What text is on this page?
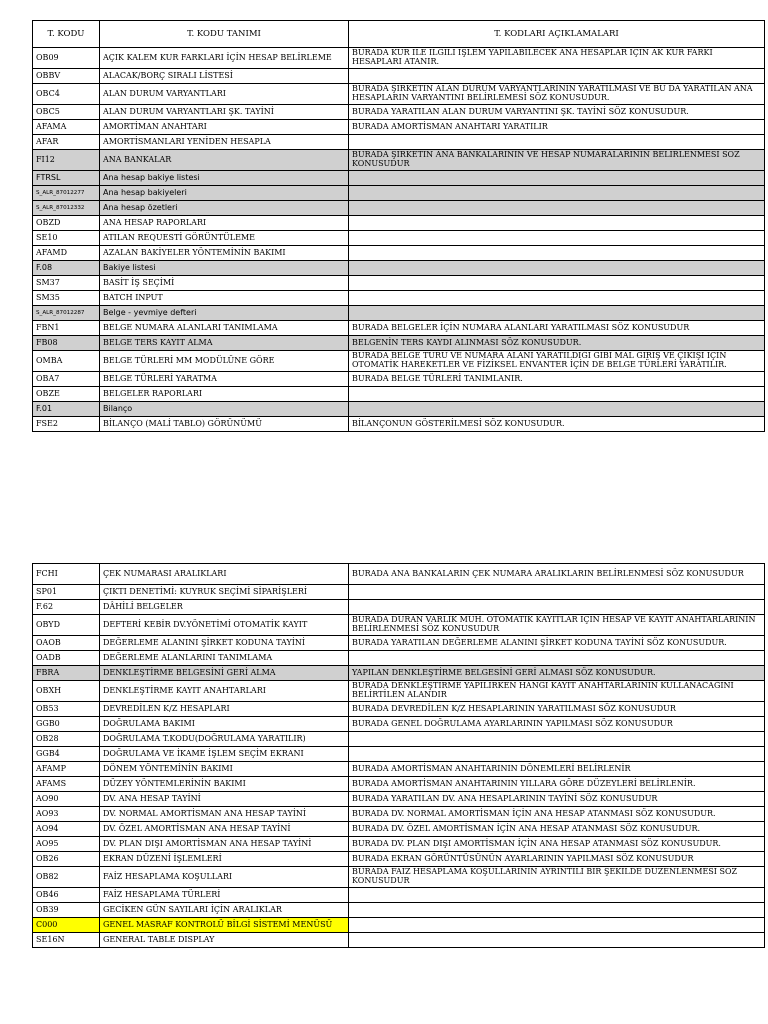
T. KODU	T. KODU TANIMI	T. KODLARI AÇIKLAMALARI
OB09	AÇIK KALEM KUR FARKLARI İÇİN HESAP BELİRLEME	BURADA KUR İLE İLGİLİ İŞLEM YAPILABİLECEK ANA HESAPLAR İÇİN AK KUR FARKI HESAPLARI ATANIR.
OBBV	ALACAK/BORÇ SIRALI LİSTESİ	
OBC4	ALAN DURUM VARYANTLARI	BURADA ŞİRKETİN ALAN DURUM VARYANTLARININ YARATILMASI VE BU DA YARATILAN ANA HESAPLARIN VARYANTINI BELİRLEMESİ SÖZ KONUSUDUR.
OBC5	ALAN DURUM VARYANTLARI ŞK. TAYİNİ	BURADA YARATILAN ALAN DURUM VARYANTINI ŞK. TAYİNİ SÖZ KONUSUDUR.
AFAMA	AMORTİMAN ANAHTARI	BURADA AMORTİSMAN ANAHTARI YARATILIR
AFAR	AMORTİSMANLARI YENİDEN HESAPLA	
FI12	ANA BANKALAR	BURADA ŞİRKETİN ANA BANKALARININ VE HESAP NUMARALARININ BELİRLENMESİ SÖZ KONUSUDUR
FTRSL	Ana hesap bakiye listesi	
S_ALR_87012277	Ana hesap bakiyeleri	
S_ALR_87012332	Ana hesap özetleri	
OBZD	ANA HESAP RAPORLARI	
SE10	ATILAN REQUESTİ GÖRÜNTÜLEME	
AFAMD	AZALAN BAKİYELER YÖNTEMİNİN BAKIMI	
F.08	Bakiye listesi	
SM37	BASİT İŞ SEÇİMİ	
SM35	BATCH INPUT	
S_ALR_87012287	Belge - yevmiye defteri	
FBN1	BELGE NUMARA ALANLARI TANIMLAMA	BURADA BELGELER İÇİN NUMARA ALANLARI YARATILMASI SÖZ KONUSUDUR
FB08	BELGE TERS KAYIT ALMA	BELGENİN TERS KAYDI ALINMASI SÖZ KONUSUDUR.
OMBA	BELGE TÜRLERİ MM MODÜLÜNE GÖRE	BURADA BELGE TÜRÜ VE NUMARA ALANI YARATILDIĞI GİBİ MAL GİRİŞ VE ÇIKIŞI İÇİN OTOMATİK HAREKETLER VE FİZİKSEL ENVANTER İÇİN DE BELGE TÜRLERİ YARATILIR.
OBA7	BELGE TÜRLERİ YARATMA	BURADA BELGE TÜRLERİ TANIMLANIR.
OBZE	BELGELER RAPORLARI	
F.01	Bilanço	
FSE2	BİLANÇO (MALİ TABLO) GÖRÜNÜMÜ	BİLANÇONUN GÖSTERİLMESİ SÖZ KONUSUDUR.
FCHI	ÇEK NUMARASI ARALIKLARI	BURADA ANA BANKALARIN ÇEK NUMARA ARALIKLARIN BELİRLENMESİ SÖZ KONUSUDUR
SP01	ÇIKTI DENETİMİ: KUYRUK SEÇİMİ SİPARİŞLERİ	
F.62	DÂHİLİ BELGELER	
OBYD	DEFTERİ KEBİR DV.YÖNETİMİ OTOMATİK KAYIT	BURADA DURAN VARLIK MUH. OTOMATİK KAYITLAR İÇİN HESAP VE KAYIT ANAHTARLARININ BELİRLENMESİ SÖZ KONUSUDUR
OAOB	DEĞERLEME ALANINI ŞİRKET KODUNA TAYİNİ	BURADA YARATILAN DEĞERLEME ALANINI ŞİRKET KODUNA TAYİNİ SÖZ KONUSUDUR.
OADB	DEĞERLEME ALANLARINI TANIMLAMA	
FBRA	DENKLEŞTİRME BELGESİNİ GERİ ALMA	YAPILAN DENKLEŞTİRME BELGESİNİ GERİ ALMASI SÖZ KONUSUDUR.
OBXH	DENKLEŞTİRME KAYIT ANAHTARLARI	BURADA DENKLEŞTİRME YAPILIRKEN HANGİ KAYIT ANAHTARLARININ KULLANACAĞINI BELİRTİLEN ALANDIR
OB53	DEVREDİLEN K/Z HESAPLARI	BURADA DEVREDİLEN K/Z HESAPLARININ YARATILMASI SÖZ KONUSUDUR
GGB0	DOĞRULAMA BAKIMI	BURADA GENEL DOĞRULAMA AYARLARININ YAPILMASI SÖZ KONUSUDUR
OB28	DOĞRULAMA T.KODU(DOĞRULAMA YARATILIR)	
GGB4	DOĞRULAMA VE İKAME İŞLEM SEÇİM EKRANI	
AFAMP	DÖNEM YÖNTEMİNİN BAKIMI	BURADA AMORTİSMAN ANAHTARININ DÖNEMLERİ BELİRLENİR
AFAMS	DÜZEY YÖNTEMLERİNİN BAKIMI	BURADA AMORTİSMAN ANAHTARININ YILLARA GÖRE DÜZEYLERİ BELİRLENİR.
AO90	DV. ANA HESAP TAYİNİ	BURADA YARATILAN DV. ANA HESAPLARININ TAYİNİ SÖZ KONUSUDUR
AO93	DV. NORMAL AMORTİSMAN ANA HESAP TAYİNİ	BURADA DV. NORMAL AMORTİSMAN İÇİN ANA HESAP ATANMASI SÖZ KONUSUDUR.
AO94	DV. ÖZEL AMORTİSMAN ANA HESAP TAYİNİ	BURADA DV. ÖZEL AMORTİSMAN İÇİN ANA HESAP ATANMASI SÖZ KONUSUDUR.
AO95	DV. PLAN DIŞI AMORTİSMAN ANA HESAP TAYİNİ	BURADA DV. PLAN DIŞI AMORTİSMAN İÇİN ANA HESAP ATANMASI SÖZ KONUSUDUR.
OB26	EKRAN DÜZENİ İŞLEMLERİ	BURADA EKRAN GÖRÜNTÜSÜNÜN AYARLARININ YAPILMASI SÖZ KONUSUDUR
OB82	FAİZ HESAPLAMA KOŞULLARI	BURADA FAİZ HESAPLAMA KOŞULLARININ AYRINTILI BİR ŞEKİLDE DÜZENLENMESİ SÖZ KONUSUDUR
OB46	FAİZ HESAPLAMA TÜRLERİ	
OB39	GECİKEN GÜN SAYILARI İÇİN ARALIKLAR	
C000	GENEL MASRAF KONTROLÜ BİLGİ SİSTEMİ MENÜSÜ	
SE16N	GENERAL TABLE DISPLAY	
